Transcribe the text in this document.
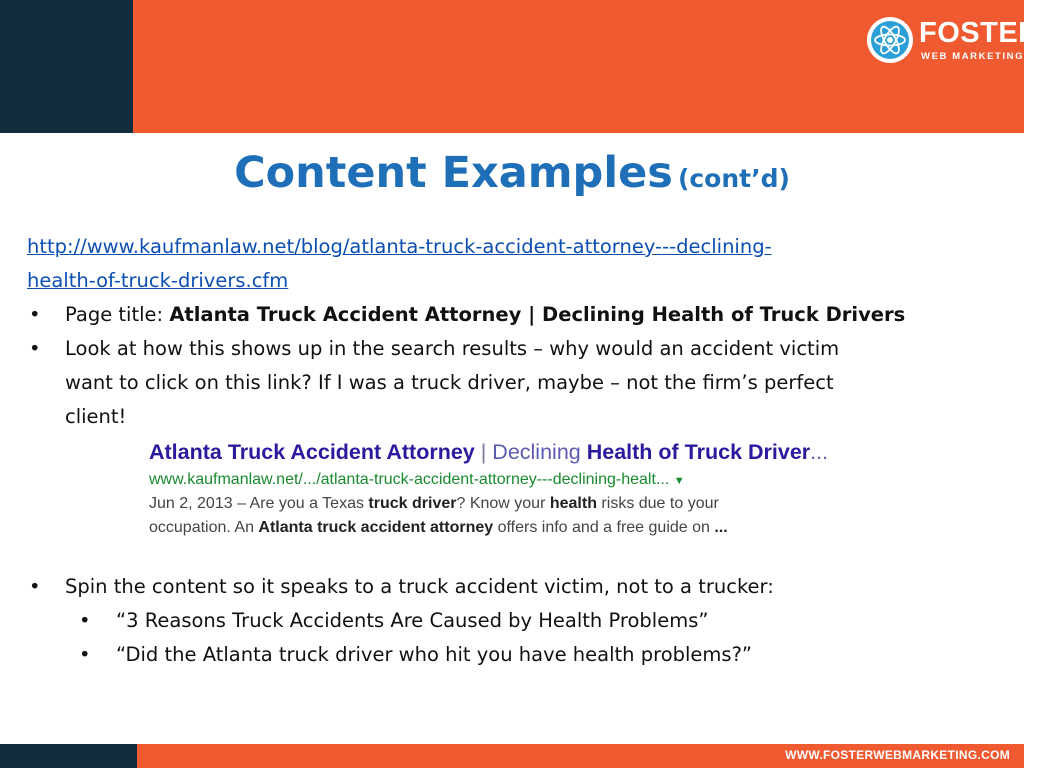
FOSTER
WEB MARKETING
Content Examples (cont’d)
http://www.kaufmanlaw.net/blog/atlanta-truck-accident-attorney---declining-
health-of-truck-drivers.cfm
• Page title: Atlanta Truck Accident Attorney | Declining Health of Truck Drivers
• Look at how this shows up in the search results – why would an accident victim
want to click on this link? If I was a truck driver, maybe – not the firm’s perfect
client!
Atlanta Truck Accident Attorney | Declining Health of Truck Driver...
www.kaufmanlaw.net/.../atlanta-truck-accident-attorney---declining-healt... ▼
Jun 2, 2013 – Are you a Texas truck driver? Know your health risks due to your
occupation. An Atlanta truck accident attorney offers info and a free guide on ...
• Spin the content so it speaks to a truck accident victim, not to a trucker:
• “3 Reasons Truck Accidents Are Caused by Health Problems”
• “Did the Atlanta truck driver who hit you have health problems?”
WWW.FOSTERWEBMARKETING.COM
